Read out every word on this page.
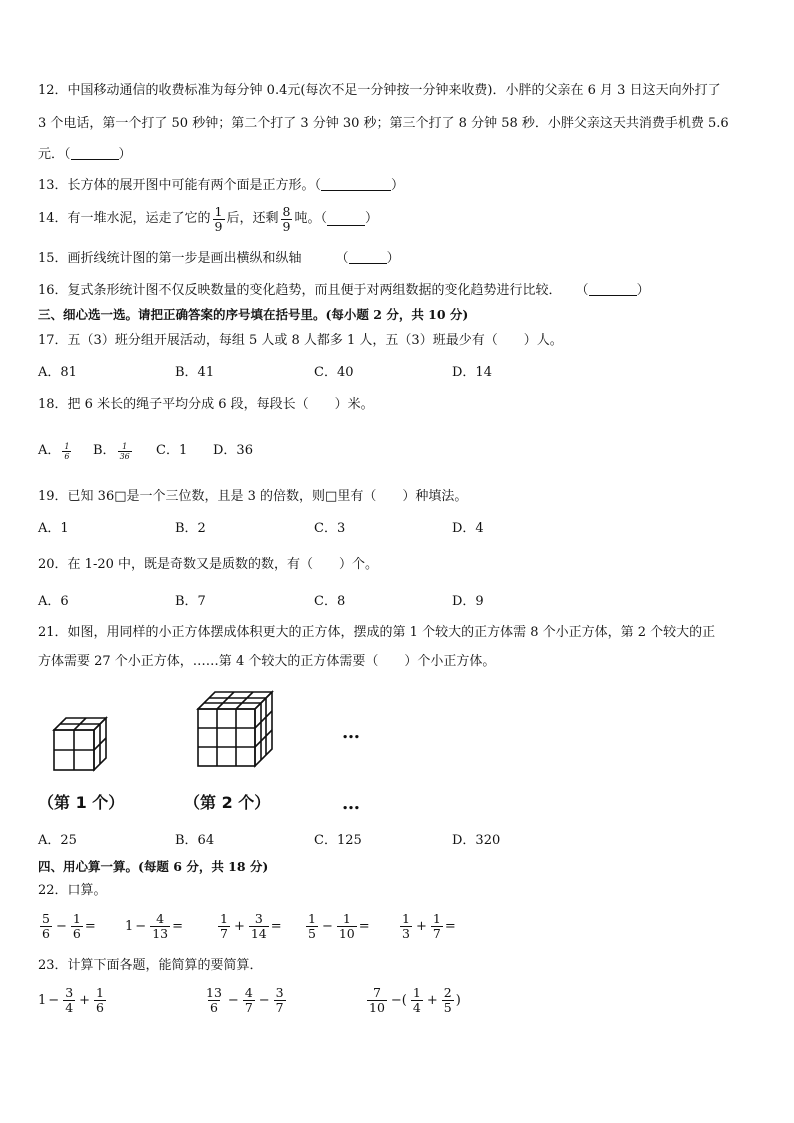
12．中国移动通信的收费标准为每分钟 0.4元(每次不足一分钟按一分钟来收费)．小胖的父亲在 6 月 3 日这天向外打了
3 个电话，第一个打了 50 秒钟；第二个打了 3 分钟 30 秒；第三个打了 8 分钟 58 秒．小胖父亲这天共消费手机费 5.6
元．（	）
13．长方体的展开图中可能有两个面是正方形。（	）
14．有一堆水泥，运走了它的 $\frac{1}{9}$ 后，还剩 $\frac{8}{9}$ 吨。（	）
15．画折线统计图的第一步是画出横纵和纵轴	（	）
16．复式条形统计图不仅反映数量的变化趋势，而且便于对两组数据的变化趋势进行比较． （	）
三、细心选一选。请把正确答案的序号填在括号里。(每小题 2 分，共 10 分)
17．五（3）班分组开展活动，每组 5 人或 8 人都多 1 人，五（3）班最少有（　　）人。
A．81	B．41	C．40	D．14
18．把 6 米长的绳子平均分成 6 段，每段长（　　）米。
A． $\frac{1}{6}$ B． $\frac{1}{36}$ C．1 D．36
19．已知 36□是一个三位数，且是 3 的倍数，则□里有（　　）种填法。
A．1	B．2	C．3	D．4
20．在 1-20 中，既是奇数又是质数的数，有（　　）个。
A．6	B．7	C．8	D．9
21．如图，用同样的小正方体摆成体积更大的正方体，摆成的第 1 个较大的正方体需 8 个小正方体，第 2 个较大的正
方体需要 27 个小正方体，……第 4 个较大的正方体需要（　　）个小正方体。
…
（第 1 个）	（第 2 个）	…
A．25	B．64	C．125	D．320
四、用心算一算。(每题 6 分，共 18 分)
22．口算。
$\frac{5}{6} - \frac{1}{6} = 1 - \frac{4}{13}$ =	$\frac{1}{7} + \frac{3}{14} = \frac{1}{5} - \frac{1}{10} = \frac{1}{3} + \frac{1}{7}$ =
23．计算下面各题，能简算的要简算．
$1 - \frac{3}{4} + \frac{1}{6}$	$\frac{13}{6} - \frac{4}{7} - \frac{3}{7}$	$\frac{7}{10}$ −( $\frac{1}{4} + \frac{2}{5}$ )
